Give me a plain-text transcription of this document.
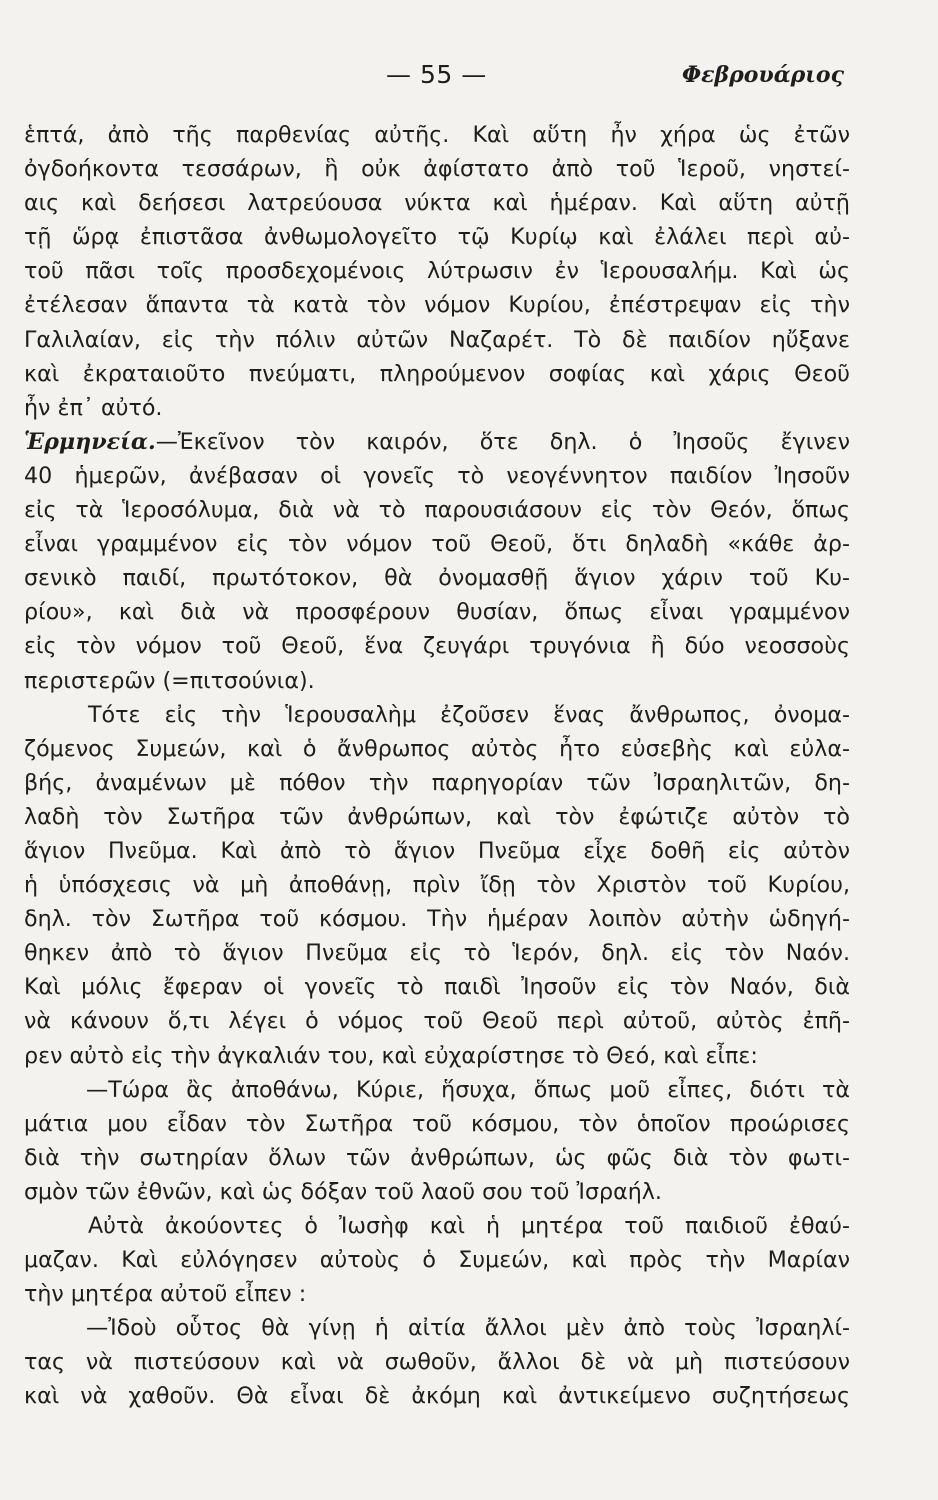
— 55 —	Φεβρουάριος
ἑπτά, ἀπὸ τῆς παρθενίας αὐτῆς. Καὶ αὕτη ἦν χήρα ὡς ἐτῶν
ὀγδοήκοντα τεσσάρων, ἣ οὐκ ἀφίστατο ἀπὸ τοῦ Ἱεροῦ, νηστεί-
αις καὶ δεήσεσι λατρεύουσα νύκτα καὶ ἡμέραν. Καὶ αὕτη αὐτῇ
τῇ ὥρᾳ ἐπιστᾶσα ἀνθωμολογεῖτο τῷ Κυρίῳ καὶ ἐλάλει περὶ αὐ-
τοῦ πᾶσι τοῖς προσδεχομένοις λύτρωσιν ἐν Ἱερουσαλήμ. Καὶ ὡς
ἐτέλεσαν ἅπαντα τὰ κατὰ τὸν νόμον Κυρίου, ἐπέστρεψαν εἰς τὴν
Γαλιλαίαν, εἰς τὴν πόλιν αὐτῶν Ναζαρέτ. Τὸ δὲ παιδίον ηὔξανε
καὶ ἐκραταιοῦτο πνεύματι, πληρούμενον σοφίας καὶ χάρις Θεοῦ
ἦν ἐπ᾽ αὐτό.
Ἑρμηνεία.—Ἐκεῖνον τὸν καιρόν, ὅτε δηλ. ὁ Ἰησοῦς ἔγινεν
40 ἡμερῶν, ἀνέβασαν οἱ γονεῖς τὸ νεογέννητον παιδίον Ἰησοῦν
εἰς τὰ Ἱεροσόλυμα, διὰ νὰ τὸ παρουσιάσουν εἰς τὸν Θεόν, ὅπως
εἶναι γραμμένον εἰς τὸν νόμον τοῦ Θεοῦ, ὅτι δηλαδὴ «κάθε ἀρ-
σενικὸ παιδί, πρωτότοκον, θὰ ὀνομασθῇ ἅγιον χάριν τοῦ Κυ-
ρίου», καὶ διὰ νὰ προσφέρουν θυσίαν, ὅπως εἶναι γραμμένον
εἰς τὸν νόμον τοῦ Θεοῦ, ἕνα ζευγάρι τρυγόνια ἢ δύο νεοσσοὺς
περιστερῶν (=πιτσούνια).
Τότε εἰς τὴν Ἱερουσαλὴμ ἐζοῦσεν ἕνας ἄνθρωπος, ὀνομα-
ζόμενος Συμεών, καὶ ὁ ἄνθρωπος αὐτὸς ἦτο εὐσεβὴς καὶ εὐλα-
βής, ἀναμένων μὲ πόθον τὴν παρηγορίαν τῶν Ἰσραηλιτῶν, δη-
λαδὴ τὸν Σωτῆρα τῶν ἀνθρώπων, καὶ τὸν ἐφώτιζε αὐτὸν τὸ
ἅγιον Πνεῦμα. Καὶ ἀπὸ τὸ ἅγιον Πνεῦμα εἶχε δοθῆ εἰς αὐτὸν
ἡ ὑπόσχεσις νὰ μὴ ἀποθάνῃ, πρὶν ἴδῃ τὸν Χριστὸν τοῦ Κυρίου,
δηλ. τὸν Σωτῆρα τοῦ κόσμου. Τὴν ἡμέραν λοιπὸν αὐτὴν ὡδηγή-
θηκεν ἀπὸ τὸ ἅγιον Πνεῦμα εἰς τὸ Ἱερόν, δηλ. εἰς τὸν Ναόν.
Καὶ μόλις ἔφεραν οἱ γονεῖς τὸ παιδὶ Ἰησοῦν εἰς τὸν Ναόν, διὰ
νὰ κάνουν ὅ,τι λέγει ὁ νόμος τοῦ Θεοῦ περὶ αὐτοῦ, αὐτὸς ἐπῆ-
ρεν αὐτὸ εἰς τὴν ἀγκαλιάν του, καὶ εὐχαρίστησε τὸ Θεό, καὶ εἶπε:
—Τώρα ἂς ἀποθάνω, Κύριε, ἥσυχα, ὅπως μοῦ εἶπες, διότι τὰ
μάτια μου εἶδαν τὸν Σωτῆρα τοῦ κόσμου, τὸν ὁποῖον προώρισες
διὰ τὴν σωτηρίαν ὅλων τῶν ἀνθρώπων, ὡς φῶς διὰ τὸν φωτι-
σμὸν τῶν ἐθνῶν, καὶ ὡς δόξαν τοῦ λαοῦ σου τοῦ Ἰσραήλ.
Αὐτὰ ἀκούοντες ὁ Ἰωσὴφ καὶ ἡ μητέρα τοῦ παιδιοῦ ἐθαύ-
μαζαν. Καὶ εὐλόγησεν αὐτοὺς ὁ Συμεών, καὶ πρὸς τὴν Μαρίαν
τὴν μητέρα αὐτοῦ εἶπεν :
—Ἰδοὺ οὗτος θὰ γίνῃ ἡ αἰτία ἄλλοι μὲν ἀπὸ τοὺς Ἰσραηλί-
τας νὰ πιστεύσουν καὶ νὰ σωθοῦν, ἄλλοι δὲ νὰ μὴ πιστεύσουν
καὶ νὰ χαθοῦν. Θὰ εἶναι δὲ ἀκόμη καὶ ἀντικείμενο συζητήσεως
